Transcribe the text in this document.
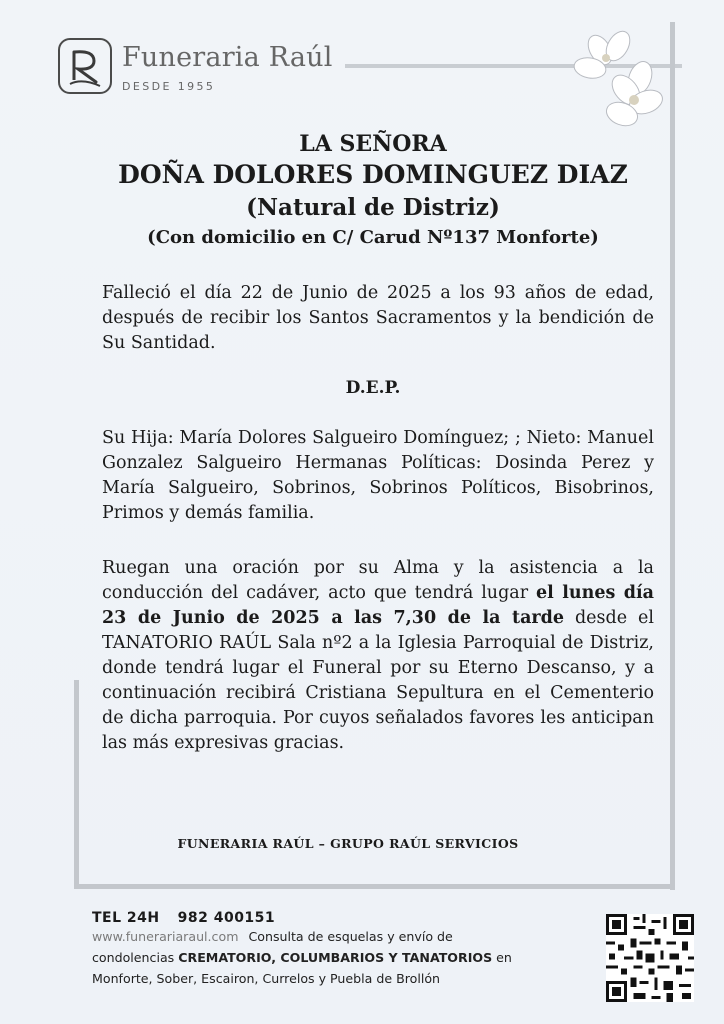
Funeraria Raúl
DESDE 1955
LA SEÑORA
DOÑA DOLORES DOMINGUEZ DIAZ
(Natural de Distriz)
(Con domicilio en C/ Carud Nº137 Monforte)
Falleció el día 22 de Junio de 2025 a los 93 años de edad, después de recibir los Santos Sacramentos y la bendición de Su Santidad.
D.E.P.
Su Hija: María Dolores Salgueiro Domínguez; ; Nieto: Manuel Gonzalez Salgueiro Hermanas Políticas: Dosinda Perez y María Salgueiro, Sobrinos, Sobrinos Políticos, Bisobrinos, Primos y demás familia.
Ruegan una oración por su Alma y la asistencia a la conducción del cadáver, acto que tendrá lugar el lunes día 23 de Junio de 2025 a las 7,30 de la tarde desde el TANATORIO RAÚL Sala nº2 a la Iglesia Parroquial de Distriz, donde tendrá lugar el Funeral por su Eterno Descanso, y a continuación recibirá Cristiana Sepultura en el Cementerio de dicha parroquia. Por cuyos señalados favores les anticipan las más expresivas gracias.
FUNERARIA RAÚL – GRUPO RAÚL SERVICIOS
TEL 24H 982 400151
www.funerariaraul.com Consulta de esquelas y envío de
condolencias CREMATORIO, COLUMBARIOS Y TANATORIOS en
Monforte, Sober, Escairon, Currelos y Puebla de Brollón
